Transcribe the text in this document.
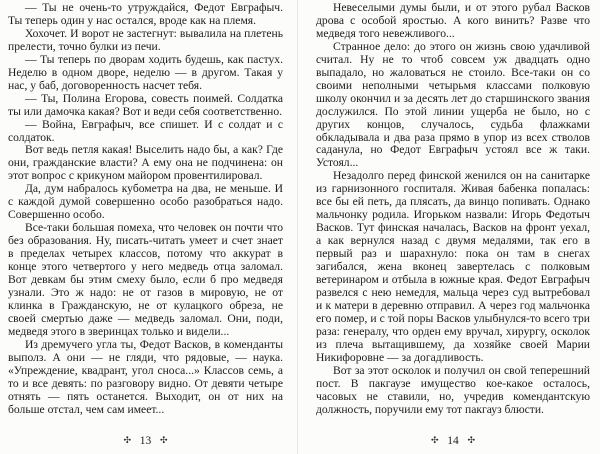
— Ты не очень-то утруждайся, Федот Евграфыч. Ты теперь один у нас остался, вроде как на племя.

Хохочет. И ворот не застегнут: вывалила на плетень прелести, точно булки из печи.

— Ты теперь по дворам ходить будешь, как пастух. Неделю в одном дворе, неделю — в другом. Такая у нас, у баб, договоренность насчет тебя.

— Ты, Полина Егорова, совесть поимей. Солдатка ты или дамочка какая? Вот и веди себя соответственно.

— Война, Евграфыч, все спишет. И с солдат и с солдаток.

Вот ведь петля какая! Выселить надо бы, а как? Где они, гражданские власти? А ему она не подчинена: он этот вопрос с крикуном майором провентилировал.

Да, дум набралось кубометра на два, не меньше. И с каждой думой совершенно особо разобраться надо. Совершенно особо.

Все-таки большая помеха, что человек он почти что без образования. Ну, писать-читать умеет и счет знает в пределах четырех классов, потому что аккурат в конце этого четвертого у него медведь отца заломал. Вот девкам бы этим смеху было, если б про медведя узнали. Это ж надо: не от газов в мировую, не от клинка в Гражданскую, не от кулацкого обреза, не своей смертью даже — медведь заломал. Они, поди, медведя этого в зверинцах только и видели...

Из дремучего угла ты, Федот Васков, в коменданты выполз. А они — не гляди, что рядовые, — наука. «Упреждение, квадрант, угол сноса...» Классов семь, а то и все девять: по разговору видно. От девяти четыре отнять — пять останется. Выходит, он от них на больше отстал, чем сам имеет...

✣ 13 ✣

Невеселыми думы были, и от этого рубал Васков дрова с особой яростью. А кого винить? Разве что медведя того невежливого...

Странное дело: до этого он жизнь свою удачливой считал. Ну не то чтоб совсем уж двадцать одно выпадало, но жаловаться не стоило. Все-таки он со своими неполными четырьмя классами полковую школу окончил и за десять лет до старшинского звания дослужился. По этой линии ущерба не было, но с других концов, случалось, судьба флажками обкладывала и два раза прямо в упор из всех стволов саданула, но Федот Евграфыч устоял все ж таки. Устоял...

Незадолго перед финской женился он на санитарке из гарнизонного госпиталя. Живая бабенка попалась: все бы ей петь, да плясать, да винцо попивать. Однако мальчонку родила. Игорьком назвали: Игорь Федотыч Васков. Тут финская началась, Васков на фронт уехал, а как вернулся назад с двумя медалями, так его в первый раз и шарахнуло: пока он там в снегах загибался, жена вконец завертелась с полковым ветеринаром и отбыла в южные края. Федот Евграфыч развелся с нею немедля, мальца через суд вытребовал и к матери в деревню отправил. А через год мальчонка его помер, и с той поры Васков улыбнулся-то всего три раза: генералу, что орден ему вручал, хирургу, осколок из плеча вытащившему, да хозяйке своей Марии Никифоровне — за догадливость.

Вот за этот осколок и получил он свой теперешний пост. В пакгаузе имущество кое-какое осталось, часовых не ставили, но, учредив комендантскую должность, поручили ему тот пакгауз блюсти.

✣ 14 ✣
